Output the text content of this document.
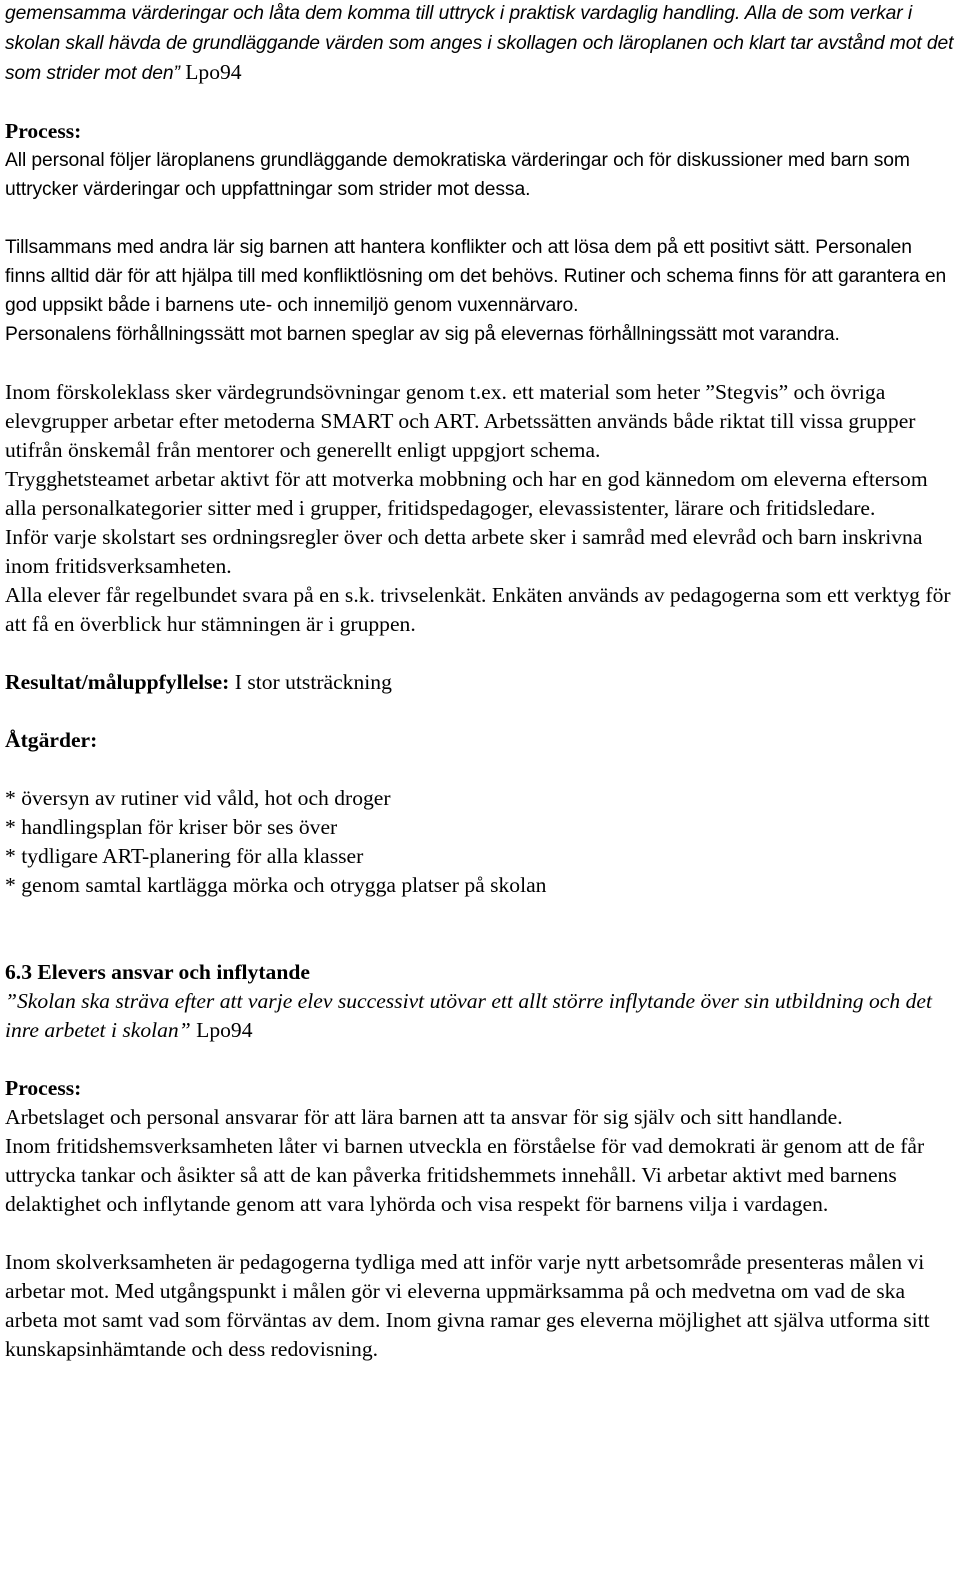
gemensamma värderingar och låta dem komma till uttryck i praktisk vardaglig handling. Alla de som verkar i skolan skall hävda de grundläggande värden som anges i skollagen och läroplanen och klart tar avstånd mot det som strider mot den” Lpo94

Process:

All personal följer läroplanens grundläggande demokratiska värderingar och för diskussioner med barn som uttrycker värderingar och uppfattningar som strider mot dessa.

Tillsammans med andra lär sig barnen att hantera konflikter och att lösa dem på ett positivt sätt. Personalen finns alltid där för att hjälpa till med konfliktlösning om det behövs. Rutiner och schema finns för att garantera en god uppsikt både i barnens ute- och innemiljö genom vuxennärvaro.

Personalens förhållningssätt mot barnen speglar av sig på elevernas förhållningssätt mot varandra.

Inom förskoleklass sker värdegrundsövningar genom t.ex. ett material som heter ”Stegvis” och övriga elevgrupper arbetar efter metoderna SMART och ART. Arbetssätten används både riktat till vissa grupper utifrån önskemål från mentorer och generellt enligt uppgjort schema.

Trygghetsteamet arbetar aktivt för att motverka mobbning och har en god kännedom om eleverna eftersom alla personalkategorier sitter med i grupper, fritidspedagoger, elevassistenter, lärare och fritidsledare.

Inför varje skolstart ses ordningsregler över och detta arbete sker i samråd med elevråd och barn inskrivna inom fritidsverksamheten.

Alla elever får regelbundet svara på en s.k. trivselenkät. Enkäten används av pedagogerna som ett verktyg för att få en överblick hur stämningen är i gruppen.

Resultat/måluppfyllelse: I stor utsträckning

Åtgärder:

* översyn av rutiner vid våld, hot och droger

* handlingsplan för kriser bör ses över

* tydligare ART-planering för alla klasser

* genom samtal kartlägga mörka och otrygga platser på skolan

6.3 Elevers ansvar och inflytande

”Skolan ska sträva efter att varje elev successivt utövar ett allt större inflytande över sin utbildning och det inre arbetet i skolan” Lpo94

Process:

Arbetslaget och personal ansvarar för att lära barnen att ta ansvar för sig själv och sitt handlande.

Inom fritidshemsverksamheten låter vi barnen utveckla en förståelse för vad demokrati är genom att de får uttrycka tankar och åsikter så att de kan påverka fritidshemmets innehåll. Vi arbetar aktivt med barnens delaktighet och inflytande genom att vara lyhörda och visa respekt för barnens vilja i vardagen.

Inom skolverksamheten är pedagogerna tydliga med att inför varje nytt arbetsområde presenteras målen vi arbetar mot. Med utgångspunkt i målen gör vi eleverna uppmärksamma på och medvetna om vad de ska arbeta mot samt vad som förväntas av dem. Inom givna ramar ges eleverna möjlighet att själva utforma sitt kunskapsinhämtande och dess redovisning.
